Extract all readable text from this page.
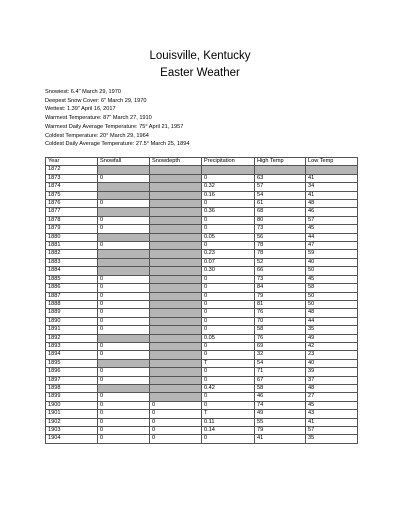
Louisville, Kentucky
Easter Weather
Snowiest: 6.4" March 29, 1970
Deepest Snow Cover: 6" March 29, 1970
Wettest: 1.39" April 16, 2017
Warmest Temperature: 87" March 27, 1910
Warmest Daily Average Temperature: 75° April 21, 1957
Coldest Temperature: 20° March 29, 1964
Coldest Daily Average Temperature: 27.5° March 25, 1894
Year	Snowfall	Snowdepth	Precipitation	High Temp	Low Temp
1872					
1873	0		0	63	41
1874			0.32	57	34
1875			0.16	54	41
1876	0		0	61	48
1877			0.36	68	46
1878	0		0	80	57
1879	0		0	73	45
1880			0.05	56	44
1881	0		0	78	47
1882			0.23	78	59
1883			0.07	52	40
1884			0.30	66	50
1885	0		0	73	45
1886	0		0	84	58
1887	0		0	79	50
1888	0		0	81	50
1889	0		0	76	48
1890	0		0	70	44
1891	0		0	58	35
1892			0.05	76	49
1893	0		0	69	42
1894	0		0	32	23
1895			T	54	40
1896	0		0	71	39
1897	0		0	67	37
1898			0.42	58	48
1899	0		0	46	27
1900	0	0	0	74	45
1901	0	0	T	49	43
1902	0	0	0.11	55	41
1903	0	0	0.14	79	57
1904	0	0	0	41	35
